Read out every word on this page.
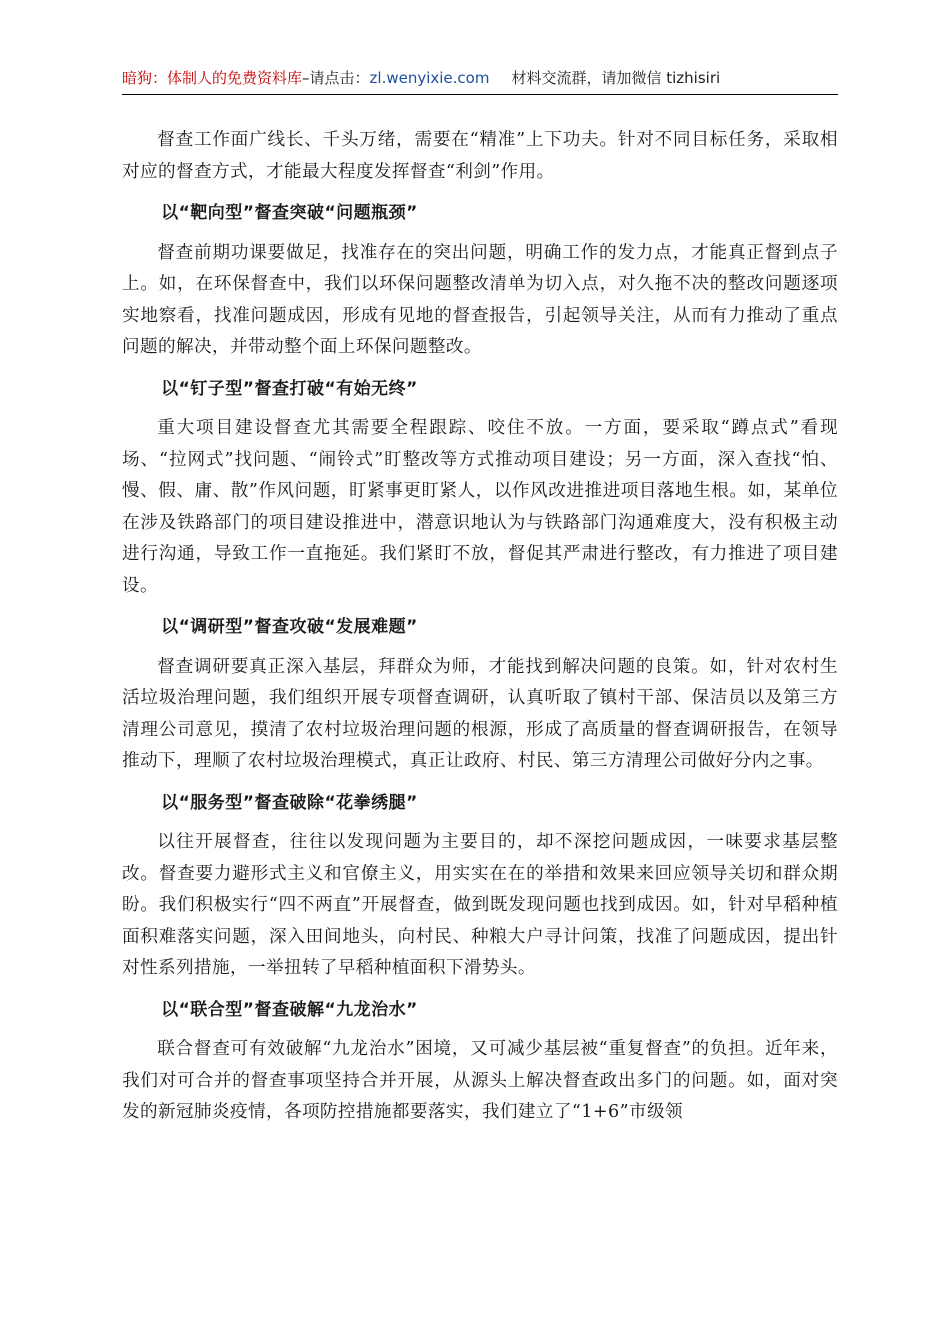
暗狗：体制人的免费资料库–请点击：zl.wenyixie.com 材料交流群，请加微信 tizhisiri

督查工作面广线长、千头万绪，需要在“精准”上下功夫。针对不同目标任务，采取相对应的督查方式，才能最大程度发挥督查“利剑”作用。

以“靶向型”督查突破“问题瓶颈”

督查前期功课要做足，找准存在的突出问题，明确工作的发力点，才能真正督到点子上。如，在环保督查中，我们以环保问题整改清单为切入点，对久拖不决的整改问题逐项实地察看，找准问题成因，形成有见地的督查报告，引起领导关注，从而有力推动了重点问题的解决，并带动整个面上环保问题整改。

以“钉子型”督查打破“有始无终”

重大项目建设督查尤其需要全程跟踪、咬住不放。一方面，要采取“蹲点式”看现场、“拉网式”找问题、“闹铃式”盯整改等方式推动项目建设；另一方面，深入查找“怕、慢、假、庸、散”作风问题，盯紧事更盯紧人，以作风改进推进项目落地生根。如，某单位在涉及铁路部门的项目建设推进中，潜意识地认为与铁路部门沟通难度大，没有积极主动进行沟通，导致工作一直拖延。我们紧盯不放，督促其严肃进行整改，有力推进了项目建设。

以“调研型”督查攻破“发展难题”

督查调研要真正深入基层，拜群众为师，才能找到解决问题的良策。如，针对农村生活垃圾治理问题，我们组织开展专项督查调研，认真听取了镇村干部、保洁员以及第三方清理公司意见，摸清了农村垃圾治理问题的根源，形成了高质量的督查调研报告，在领导推动下，理顺了农村垃圾治理模式，真正让政府、村民、第三方清理公司做好分内之事。

以“服务型”督查破除“花拳绣腿”

以往开展督查，往往以发现问题为主要目的，却不深挖问题成因，一味要求基层整改。督查要力避形式主义和官僚主义，用实实在在的举措和效果来回应领导关切和群众期盼。我们积极实行“四不两直”开展督查，做到既发现问题也找到成因。如，针对早稻种植面积难落实问题，深入田间地头，向村民、种粮大户寻计问策，找准了问题成因，提出针对性系列措施，一举扭转了早稻种植面积下滑势头。

以“联合型”督查破解“九龙治水”

联合督查可有效破解“九龙治水”困境，又可减少基层被“重复督查”的负担。近年来，我们对可合并的督查事项坚持合并开展，从源头上解决督查政出多门的问题。如，面对突发的新冠肺炎疫情，各项防控措施都要落实，我们建立了“1+6”市级领
